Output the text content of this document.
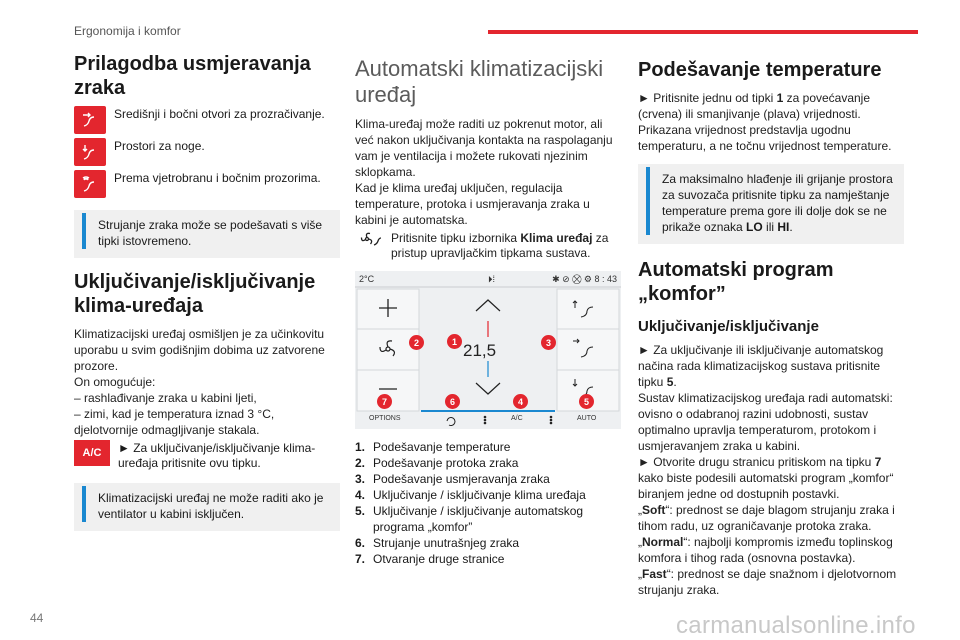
Ergonomija i komfor
Prilagodba usmjeravanja zraka
Središnji i bočni otvori za prozračivanje.
Prostori za noge.
Prema vjetrobranu i bočnim prozorima.
Strujanje zraka može se podešavati s više tipki istovremeno.
Uključivanje/isključivanje klima-uređaja

Klimatizacijski uređaj osmišljen je za učinkovitu uporabu u svim godišnjim dobima uz zatvorene prozore.

On omogućuje:

– rashlađivanje zraka u kabini ljeti,

– zimi, kad je temperatura iznad 3 °C, djelotvornije odmagljivanje stakala.

A/C	► Za uključivanje/isključivanje klima-uređaja pritisnite ovu tipku.
Klimatizacijski uređaj ne može raditi ako je ventilator u kabini isključen.
Automatski klimatizacijski uređaj

Klima-uređaj može raditi uz pokrenut motor, ali već nakon uključivanja kontakta na raspolaganju vam je ventilacija i možete rukovati njezinim sklopkama.

Kad je klima uređaj uključen, regulacija temperature, protoka i usmjeravanja zraka u kabini je automatska.

Pritisnite tipku izbornika Klima uređaj za pristup upravljačkim tipkama sustava.

2°C	⏵⁞	✱ ⊘ ⛒ ⚙ 8 : 43
21,5
OPTIONS	A/C	AUTO
1
2	3
4	5
6
7
1. Podešavanje temperature
2. Podešavanje protoka zraka
3. Podešavanje usmjeravanja zraka
4. Uključivanje / isključivanje klima uređaja
5. Uključivanje / isključivanje automatskog programa „komfor”
6. Strujanje unutrašnjeg zraka
7. Otvaranje druge stranice
Podešavanje temperature

► Pritisnite jednu od tipki 1 za povećavanje (crvena) ili smanjivanje (plava) vrijednosti.

Prikazana vrijednost predstavlja ugodnu temperaturu, a ne točnu vrijednost temperature.

Za maksimalno hlađenje ili grijanje prostora za suvozača pritisnite tipku za namještanje temperature prema gore ili dolje dok se ne prikaže oznaka LO ili HI.
Automatski program „komfor”
Uključivanje/isključivanje

► Za uključivanje ili isključivanje automatskog načina rada klimatizacijskog sustava pritisnite tipku 5.

Sustav klimatizacijskog uređaja radi automatski: ovisno o odabranoj razini udobnosti, sustav optimalno upravlja temperaturom, protokom i usmjeravanjem zraka u kabini.

► Otvorite drugu stranicu pritiskom na tipku 7 kako biste podesili automatski program „komfor“ biranjem jedne od dostupnih postavki.

„Soft“: prednost se daje blagom strujanju zraka i tihom radu, uz ograničavanje protoka zraka.

„Normal“: najbolji kompromis između toplinskog komfora i tihog rada (osnovna postavka).

„Fast“: prednost se daje snažnom i djelotvornom strujanju zraka.

44	carmanualsonline.info
